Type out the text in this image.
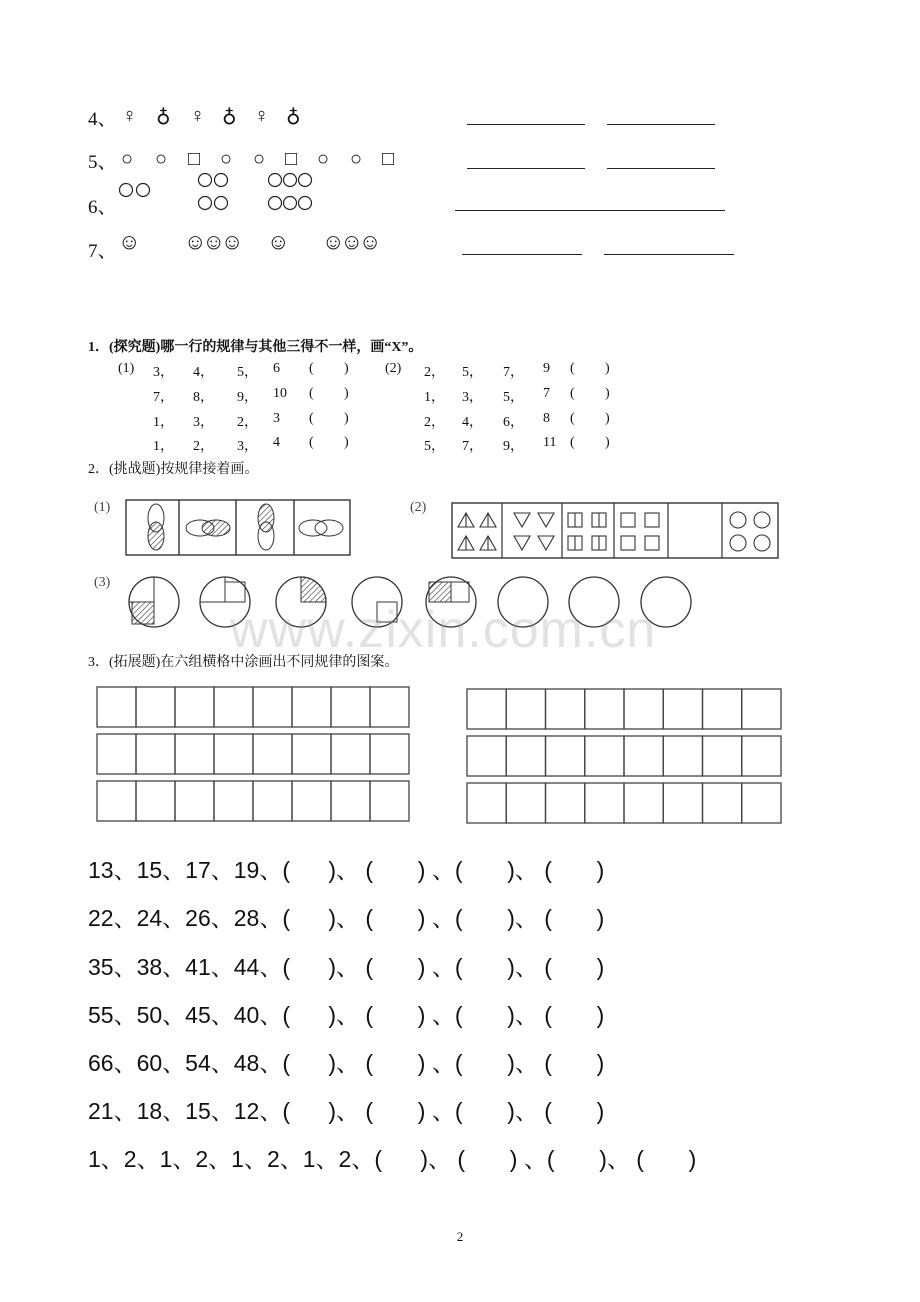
4、 ♀ ♁ ♀ ♁ ♀ ♁
5、 ○ ○ □ ○ ○ □ ○ ○ □
6、
7、 ☺ ☺☺☺ ☺ ☺☺☺
1．(探究题)哪一行的规律与其他三得不一样，画“X”。
(1)	(2)
3， 4， 5， 6 ( )
7， 8， 9， 10 ( )
1， 3， 2， 3 ( )
1， 2， 3， 4 ( )
2， 5， 7， 9 ( )
1， 3， 5， 7 ( )
2， 4， 6， 8 ( )
5， 7， 9， 11 ( )
2．(挑战题)按规律接着画。
(1)	(2)
(3)
www.zixin.com.cn
3．(拓展题)在六组横格中涂画出不同规律的图案。
13、15、17、19、(      )、 (       ) 、(       )、 (       )
22、24、26、28、(      )、 (       ) 、(       )、 (       )
35、38、41、44、(      )、 (       ) 、(       )、 (       )
55、50、45、40、(      )、 (       ) 、(       )、 (       )
66、60、54、48、(      )、 (       ) 、(       )、 (       )
21、18、15、12、(      )、 (       ) 、(       )、 (       )
1、2、1、2、1、2、1、2、(      )、 (       ) 、(       )、 (       )
2
